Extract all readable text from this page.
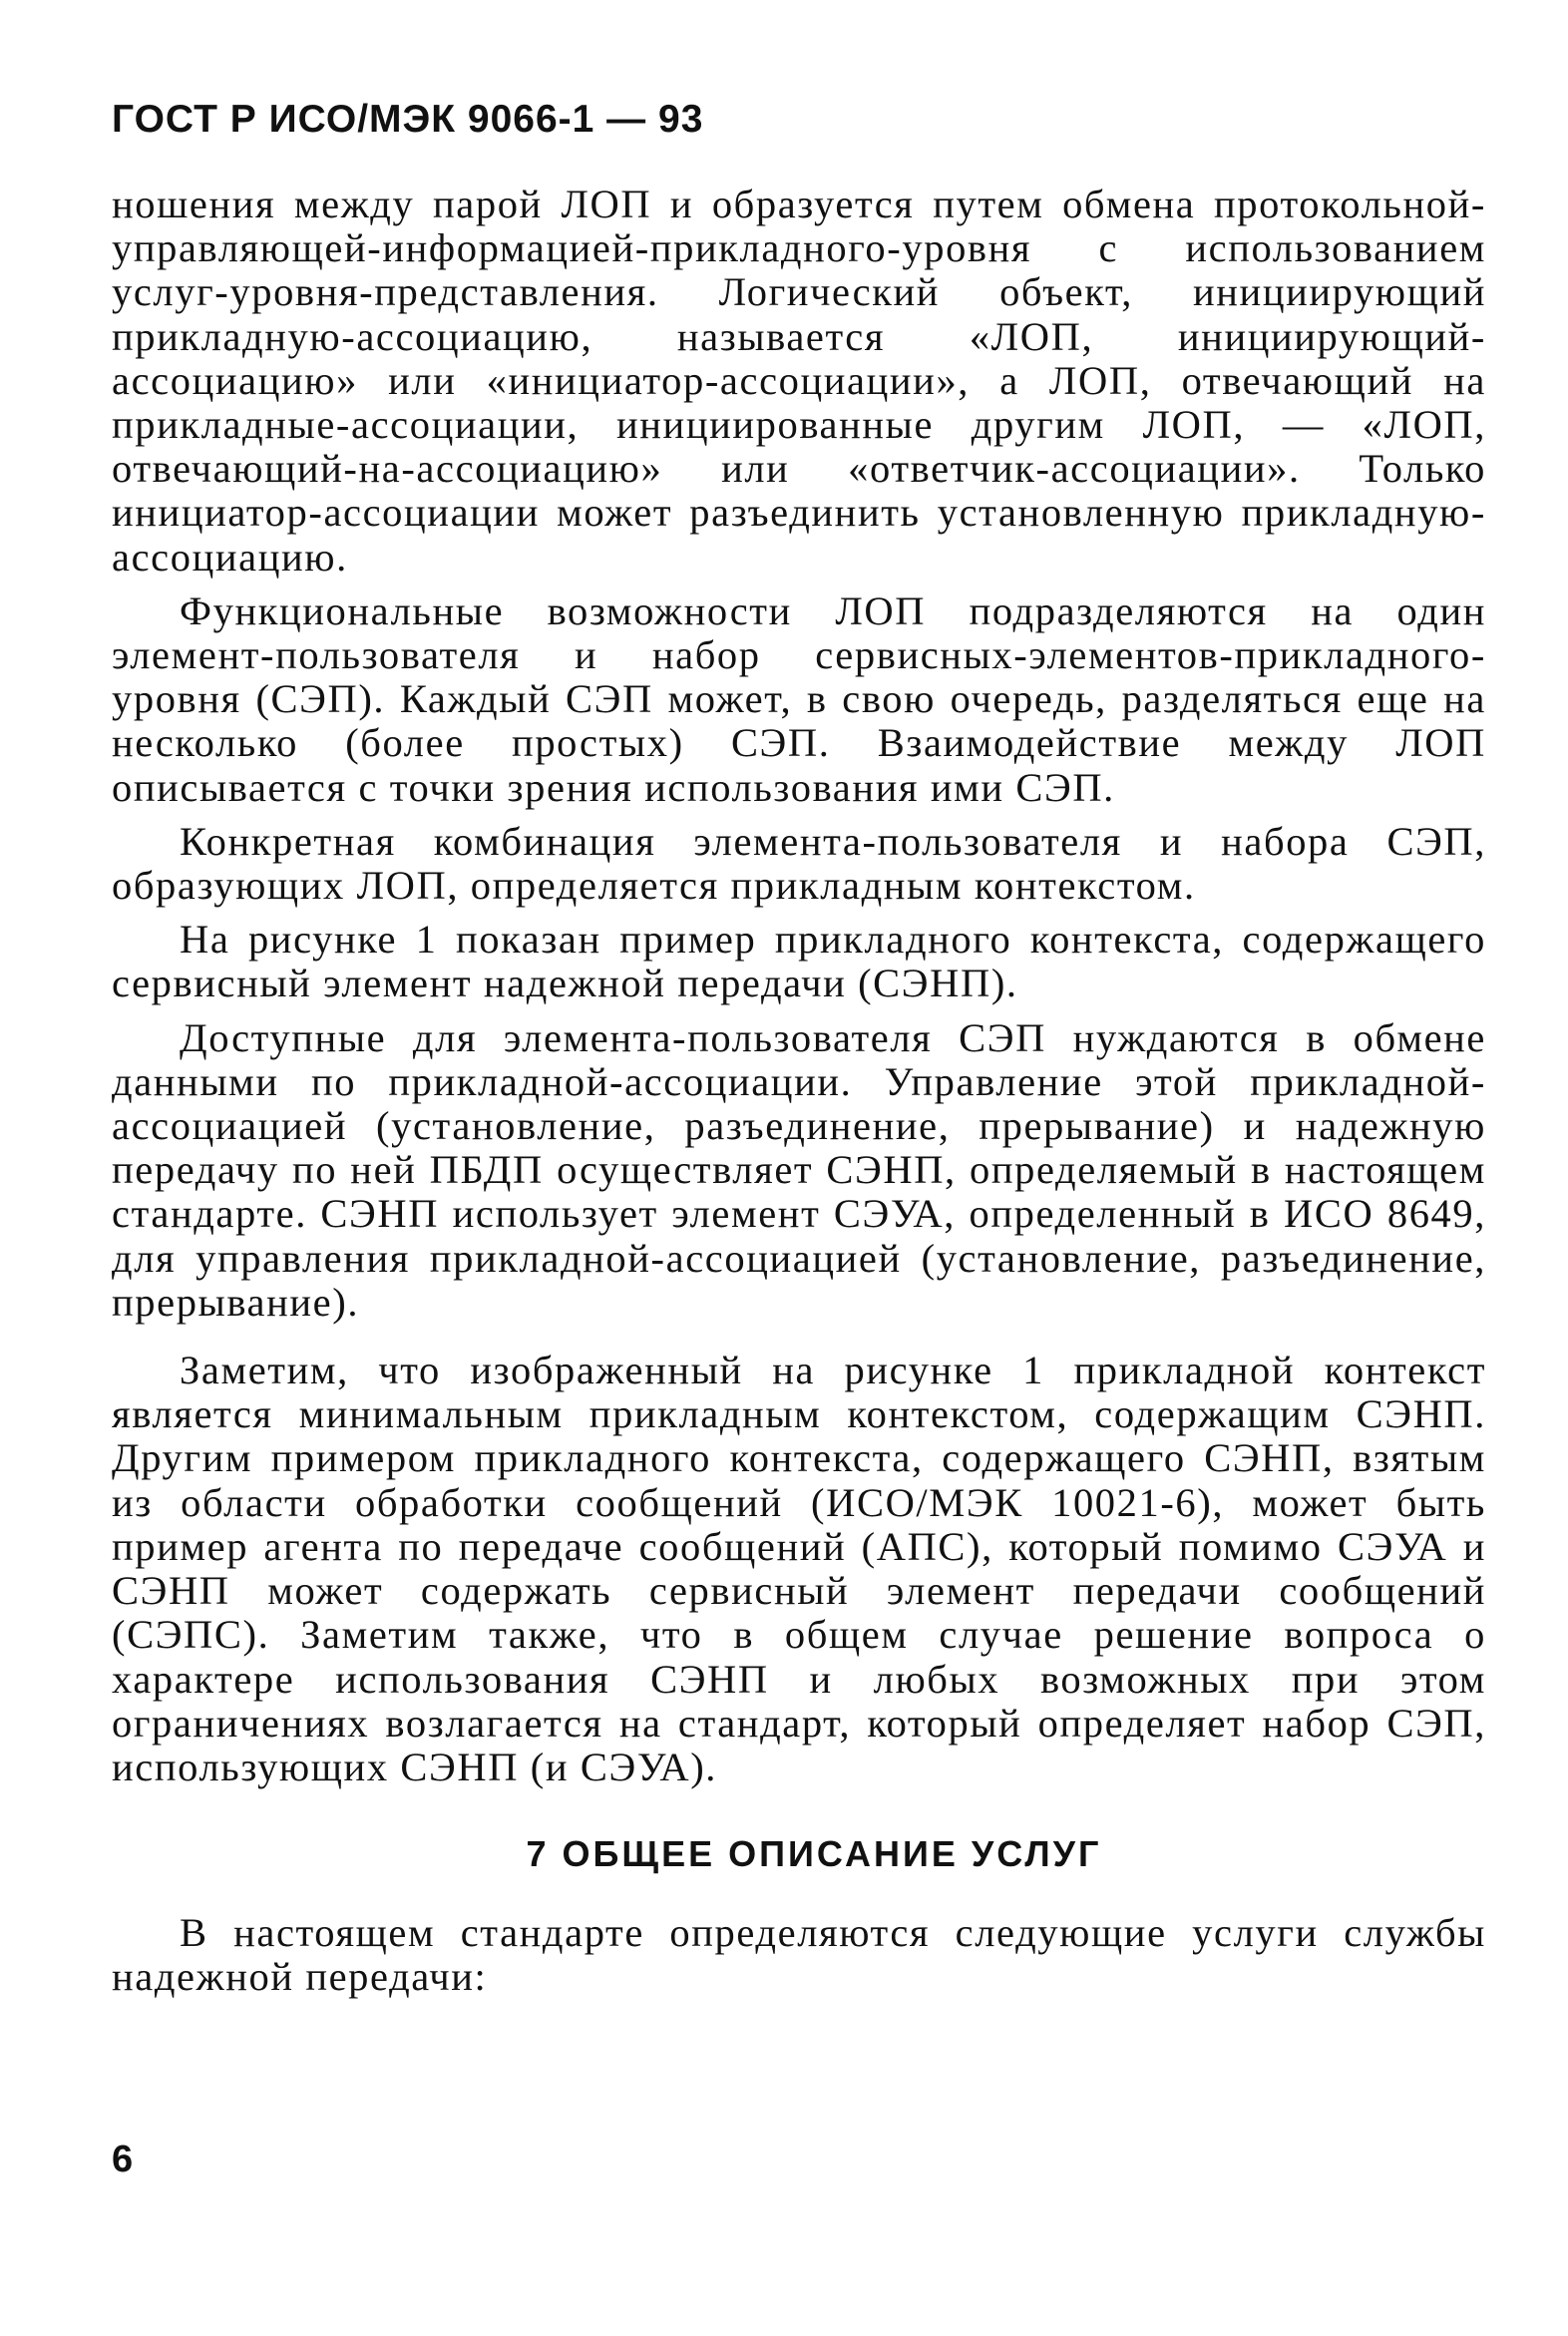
ГОСТ Р ИСО/МЭК 9066-1 — 93

ношения между парой ЛОП и образуется путем обмена протокольной-управляющей-информацией-прикладного-уровня с использованием услуг-уровня-представления. Логический объект, инициирующий прикладную-ассоциацию, называется «ЛОП, инициирующий-ассоциацию» или «инициатор-ассоциации», а ЛОП, отвечающий на прикладные-ассоциации, инициированные другим ЛОП, — «ЛОП, отвечающий-на-ассоциацию» или «ответчик-ассоциации». Только инициатор-ассоциации может разъединить установленную прикладную-ассоциацию.

Функциональные возможности ЛОП подразделяются на один элемент-пользователя и набор сервисных-элементов-прикладного-уровня (СЭП). Каждый СЭП может, в свою очередь, разделяться еще на несколько (более простых) СЭП. Взаимодействие между ЛОП описывается с точки зрения использования ими СЭП.

Конкретная комбинация элемента-пользователя и набора СЭП, образующих ЛОП, определяется прикладным контекстом.

На рисунке 1 показан пример прикладного контекста, содержащего сервисный элемент надежной передачи (СЭНП).

Доступные для элемента-пользователя СЭП нуждаются в обмене данными по прикладной-ассоциации. Управление этой прикладной-ассоциацией (установление, разъединение, прерывание) и надежную передачу по ней ПБДП осуществляет СЭНП, определяемый в настоящем стандарте. СЭНП использует элемент СЭУА, определенный в ИСО 8649, для управления прикладной-ассоциацией (установление, разъединение, прерывание).

Заметим, что изображенный на рисунке 1 прикладной контекст является минимальным прикладным контекстом, содержащим СЭНП. Другим примером прикладного контекста, содержащего СЭНП, взятым из области обработки сообщений (ИСО/МЭК 10021-6), может быть пример агента по передаче сообщений (АПС), который помимо СЭУА и СЭНП может содержать сервисный элемент передачи сообщений (СЭПС). Заметим также, что в общем случае решение вопроса о характере использования СЭНП и любых возможных при этом ограничениях возлагается на стандарт, который определяет набор СЭП, использующих СЭНП (и СЭУА).

7 ОБЩЕЕ ОПИСАНИЕ УСЛУГ

В настоящем стандарте определяются следующие услуги службы надежной передачи:

6
